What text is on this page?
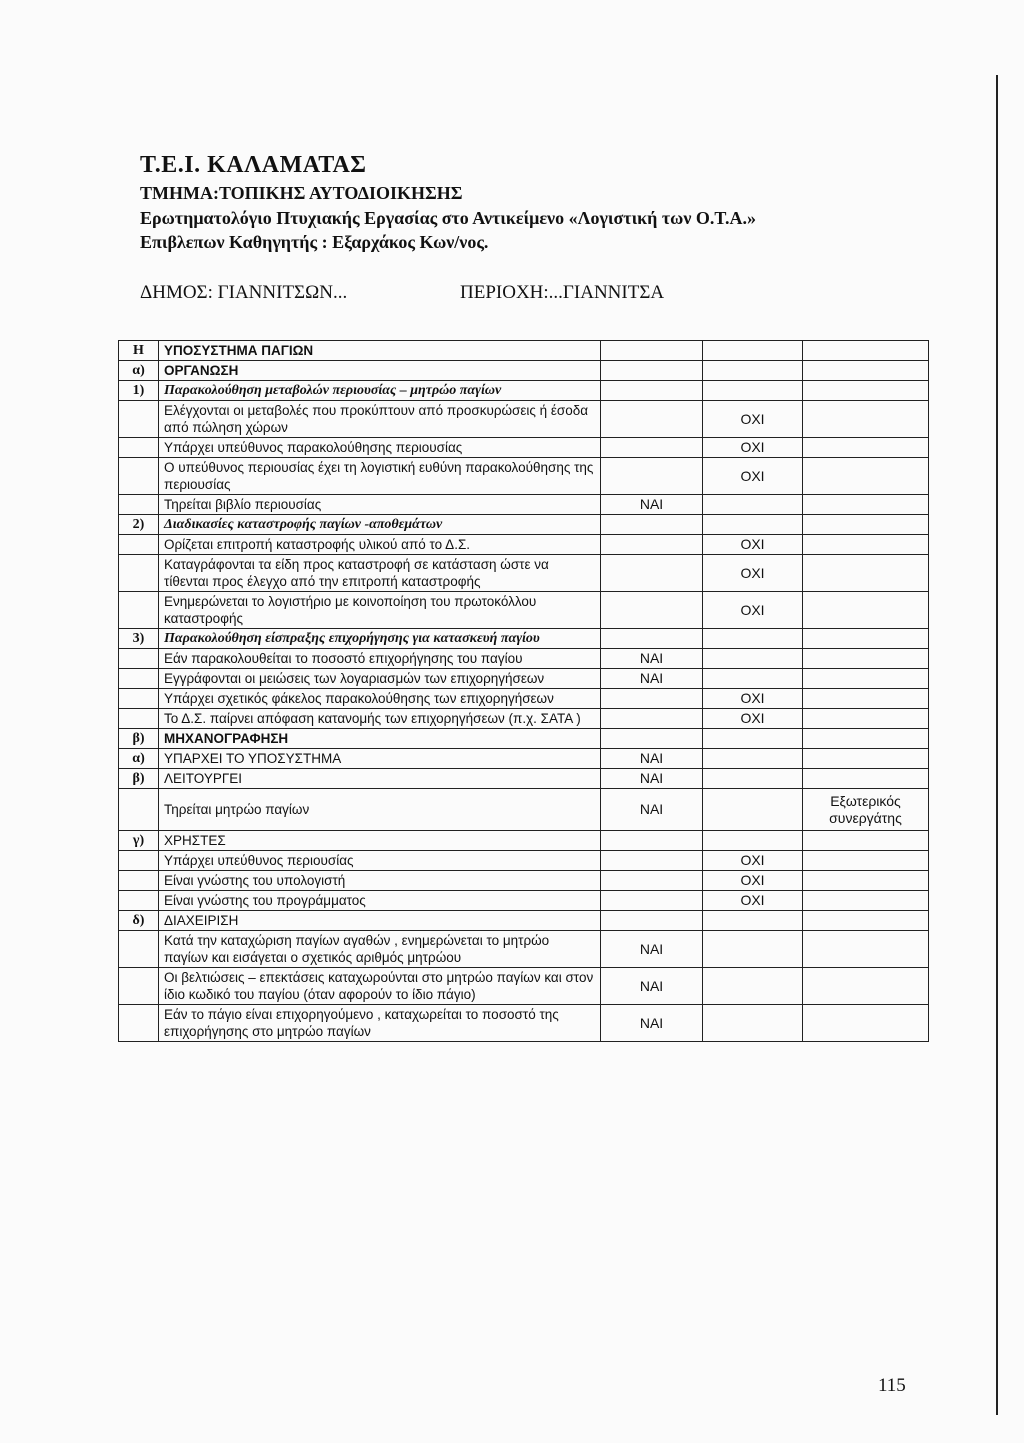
Τ.Ε.Ι. ΚΑΛΑΜΑΤΑΣ
ΤΜΗΜΑ:ΤΟΠΙΚΗΣ ΑΥΤΟΔΙΟΙΚΗΣΗΣ
Ερωτηματολόγιο Πτυχιακής Εργασίας στο Αντικείμενο «Λογιστική των Ο.Τ.Α.»
Επιβλεπων Καθηγητής : Εξαρχάκος Κων/νος.
ΔΗΜΟΣ: ΓΙΑΝΝΙΤΣΩΝ...	ΠΕΡΙΟΧΗ:...ΓΙΑΝΝΙΤΣΑ
Η	ΥΠΟΣΥΣΤΗΜΑ ΠΑΓΙΩΝ			
α)	ΟΡΓΑΝΩΣΗ			
1)	Παρακολούθηση μεταβολών περιουσίας – μητρώο παγίων			
	Ελέγχονται οι μεταβολές που προκύπτουν από προσκυρώσεις ή έσοδα από πώληση χώρων		ΟΧΙ	
	Υπάρχει υπεύθυνος παρακολούθησης περιουσίας		ΟΧΙ	
	Ο υπεύθυνος περιουσίας έχει τη λογιστική ευθύνη παρακολούθησης της περιουσίας		ΟΧΙ	
	Τηρείται βιβλίο περιουσίας	ΝΑΙ		
2)	Διαδικασίες καταστροφής παγίων -αποθεμάτων			
	Ορίζεται επιτροπή καταστροφής υλικού από το Δ.Σ.		ΟΧΙ	
	Καταγράφονται τα είδη προς καταστροφή σε κατάσταση ώστε να τίθενται προς έλεγχο από την επιτροπή καταστροφής		ΟΧΙ	
	Ενημερώνεται το λογιστήριο με κοινοποίηση του πρωτοκόλλου καταστροφής		ΟΧΙ	
3)	Παρακολούθηση είσπραξης επιχορήγησης για κατασκευή παγίου			
	Εάν παρακολουθείται το ποσοστό επιχορήγησης του παγίου	ΝΑΙ		
	Εγγράφονται οι μειώσεις των λογαριασμών των επιχορηγήσεων	ΝΑΙ		
	Υπάρχει σχετικός φάκελος παρακολούθησης των επιχορηγήσεων		ΟΧΙ	
	Το Δ.Σ. παίρνει απόφαση κατανομής των επιχορηγήσεων (π.χ. ΣΑΤΑ )		ΟΧΙ	
β)	ΜΗΧΑΝΟΓΡΑΦΗΣΗ			
α)	ΥΠΑΡΧΕΙ ΤΟ ΥΠΟΣΥΣΤΗΜΑ	ΝΑΙ		
β)	ΛΕΙΤΟΥΡΓΕΙ	ΝΑΙ		
	Τηρείται μητρώο παγίων	ΝΑΙ		Εξωτερικός συνεργάτης
γ)	ΧΡΗΣΤΕΣ			
	Υπάρχει υπεύθυνος περιουσίας		ΟΧΙ	
	Είναι γνώστης του υπολογιστή		ΟΧΙ	
	Είναι γνώστης του προγράμματος		ΟΧΙ	
δ)	ΔΙΑΧΕΙΡΙΣΗ			
	Κατά την καταχώριση παγίων αγαθών , ενημερώνεται το μητρώο παγίων και εισάγεται ο σχετικός αριθμός μητρώου	ΝΑΙ		
	Οι βελτιώσεις – επεκτάσεις καταχωρούνται στο μητρώο παγίων και στον ίδιο κωδικό του παγίου (όταν αφορούν το ίδιο πάγιο)	ΝΑΙ		
	Εάν το πάγιο είναι επιχορηγούμενο , καταχωρείται το ποσοστό της επιχορήγησης στο μητρώο παγίων	ΝΑΙ		
115
